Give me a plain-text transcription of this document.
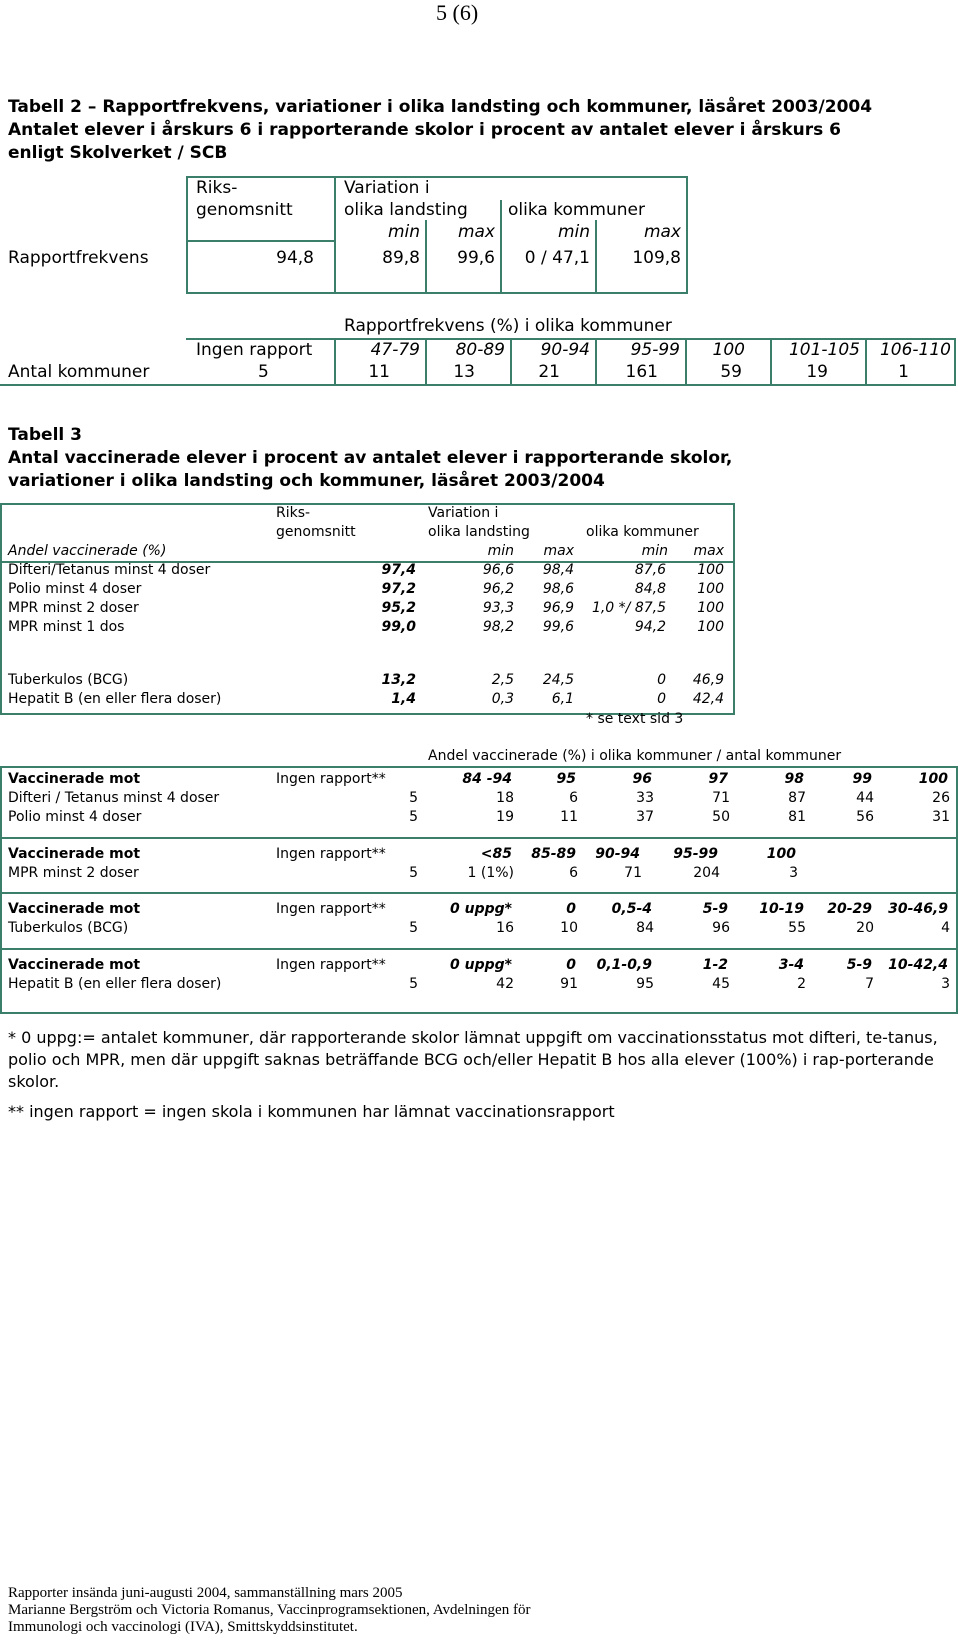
5 (6)
Tabell 2 – Rapportfrekvens, variationer i olika landsting och kommuner, läsåret 2003/2004
Antalet elever i årskurs 6 i rapporterande skolor i procent av antalet elever i årskurs 6
enligt Skolverket / SCB
Riks-
genomsnitt
Variation i
olika landsting olika kommuner
min	max	min	max
Rapportfrekvens	94,8	89,8	99,6	0 / 47,1	109,8
Rapportfrekvens (%) i olika kommuner
Ingen rapport	47-79	80-89	90-94	95-99	100	101-105	106-110
Antal kommuner	5	11	13	21	161	59	19	1
Tabell 3
Antal vaccinerade elever i procent av antalet elever i rapporterande skolor,
variationer i olika landsting och kommuner, läsåret 2003/2004
Riks-
genomsnitt
Variation i
olika landsting	olika kommuner
Andel vaccinerade (%)	min	max	min	max
Difteri/Tetanus minst 4 doser	97,4	96,6	98,4	87,6	100
Polio minst 4 doser	97,2	96,2	98,6	84,8	100
MPR minst 2 doser	95,2	93,3	96,9	1,0 */ 87,5	100
MPR minst 1 dos	99,0	98,2	99,6	94,2	100
Tuberkulos (BCG)	13,2	2,5	24,5	0	46,9
Hepatit B (en eller flera doser)	1,4	0,3	6,1	0	42,4
* se text sid 3
Andel vaccinerade (%) i olika kommuner / antal kommuner
Vaccinerade mot	Ingen rapport**	84 -94	95	96	97	98	99	100
Difteri / Tetanus minst 4 doser	5	18	6	33	71	87	44	26
Polio minst 4 doser	5	19	11	37	50	81	56	31
Vaccinerade mot	Ingen rapport**	<85	85-89	90-94	95-99	100
MPR minst 2 doser	5	1 (1%)	6	71	204	3
Vaccinerade mot	Ingen rapport**	0 uppg*	0	0,5-4	5-9	10-19	20-29	30-46,9
Tuberkulos (BCG)	5	16	10	84	96	55	20	4
Vaccinerade mot	Ingen rapport**	0 uppg*	0	0,1-0,9	1-2	3-4	5-9	10-42,4
Hepatit B (en eller flera doser)	5	42	91	95	45	2	7	3
* 0 uppg:= antalet kommuner, där rapporterande skolor lämnat uppgift om vaccinationsstatus mot difteri, te-tanus, polio och MPR, men där uppgift saknas beträffande BCG och/eller Hepatit B hos alla elever (100%) i rap-porterande skolor.
** ingen rapport = ingen skola i kommunen har lämnat vaccinationsrapport
Rapporter insända juni-augusti 2004, sammanställning mars 2005
Marianne Bergström och Victoria Romanus, Vaccinprogramsektionen, Avdelningen för
Immunologi och vaccinologi (IVA), Smittskyddsinstitutet.
